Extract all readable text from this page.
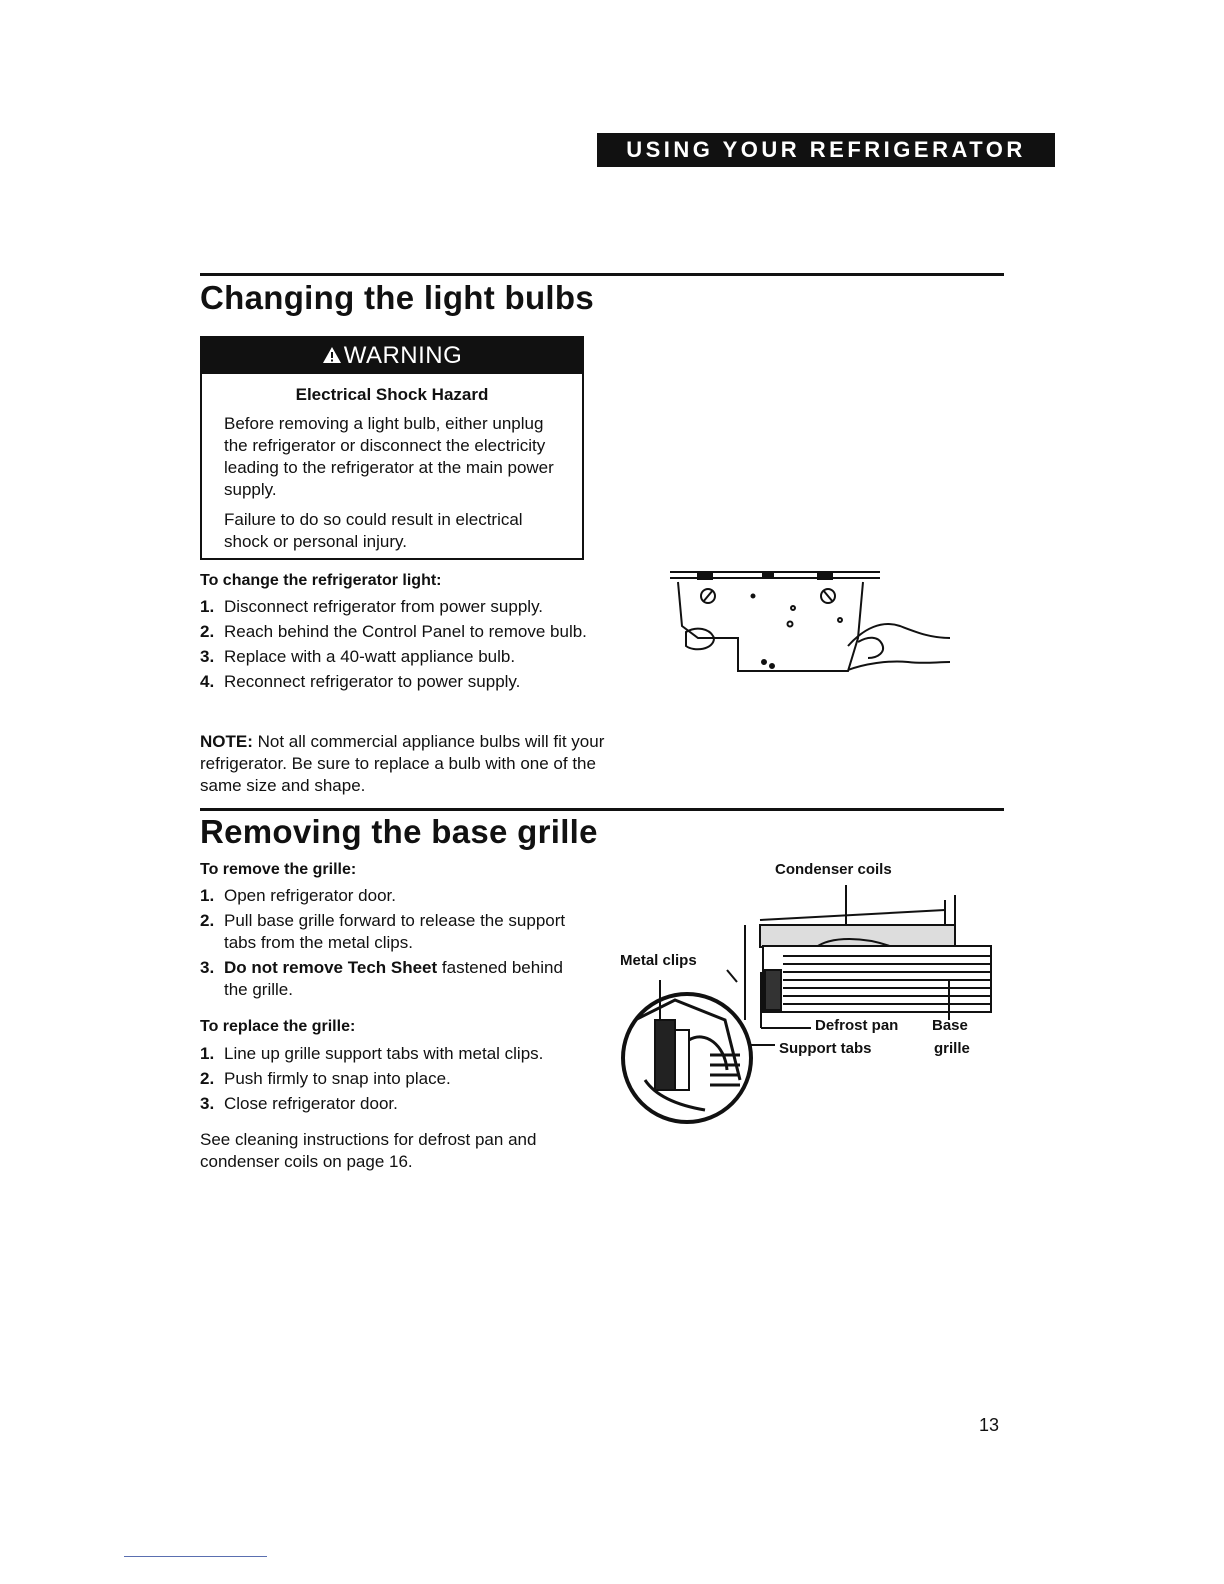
USING YOUR REFRIGERATOR
Changing the light bulbs
WARNING
Electrical Shock Hazard

Before removing a light bulb, either unplug the refrigerator or disconnect the electricity leading to the refrigerator at the main power supply.

Failure to do so could result in electrical shock or personal injury.

To change the refrigerator light:
1. Disconnect refrigerator from power supply.
2. Reach behind the Control Panel to remove bulb.
3. Replace with a 40-watt appliance bulb.
4. Reconnect refrigerator to power supply.
NOTE: Not all commercial appliance bulbs will fit your refrigerator. Be sure to replace a bulb with one of the same size and shape.
Removing the base grille
To remove the grille:
1. Open refrigerator door.
2. Pull base grille forward to release the support tabs from the metal clips.
3. Do not remove Tech Sheet fastened behind the grille.
To replace the grille:
1. Line up grille support tabs with metal clips.
2. Push firmly to snap into place.
3. Close refrigerator door.
See cleaning instructions for defrost pan and condenser coils on page 16.
Condenser coils
Metal clips
Defrost pan
Support tabs
Base
grille
13
